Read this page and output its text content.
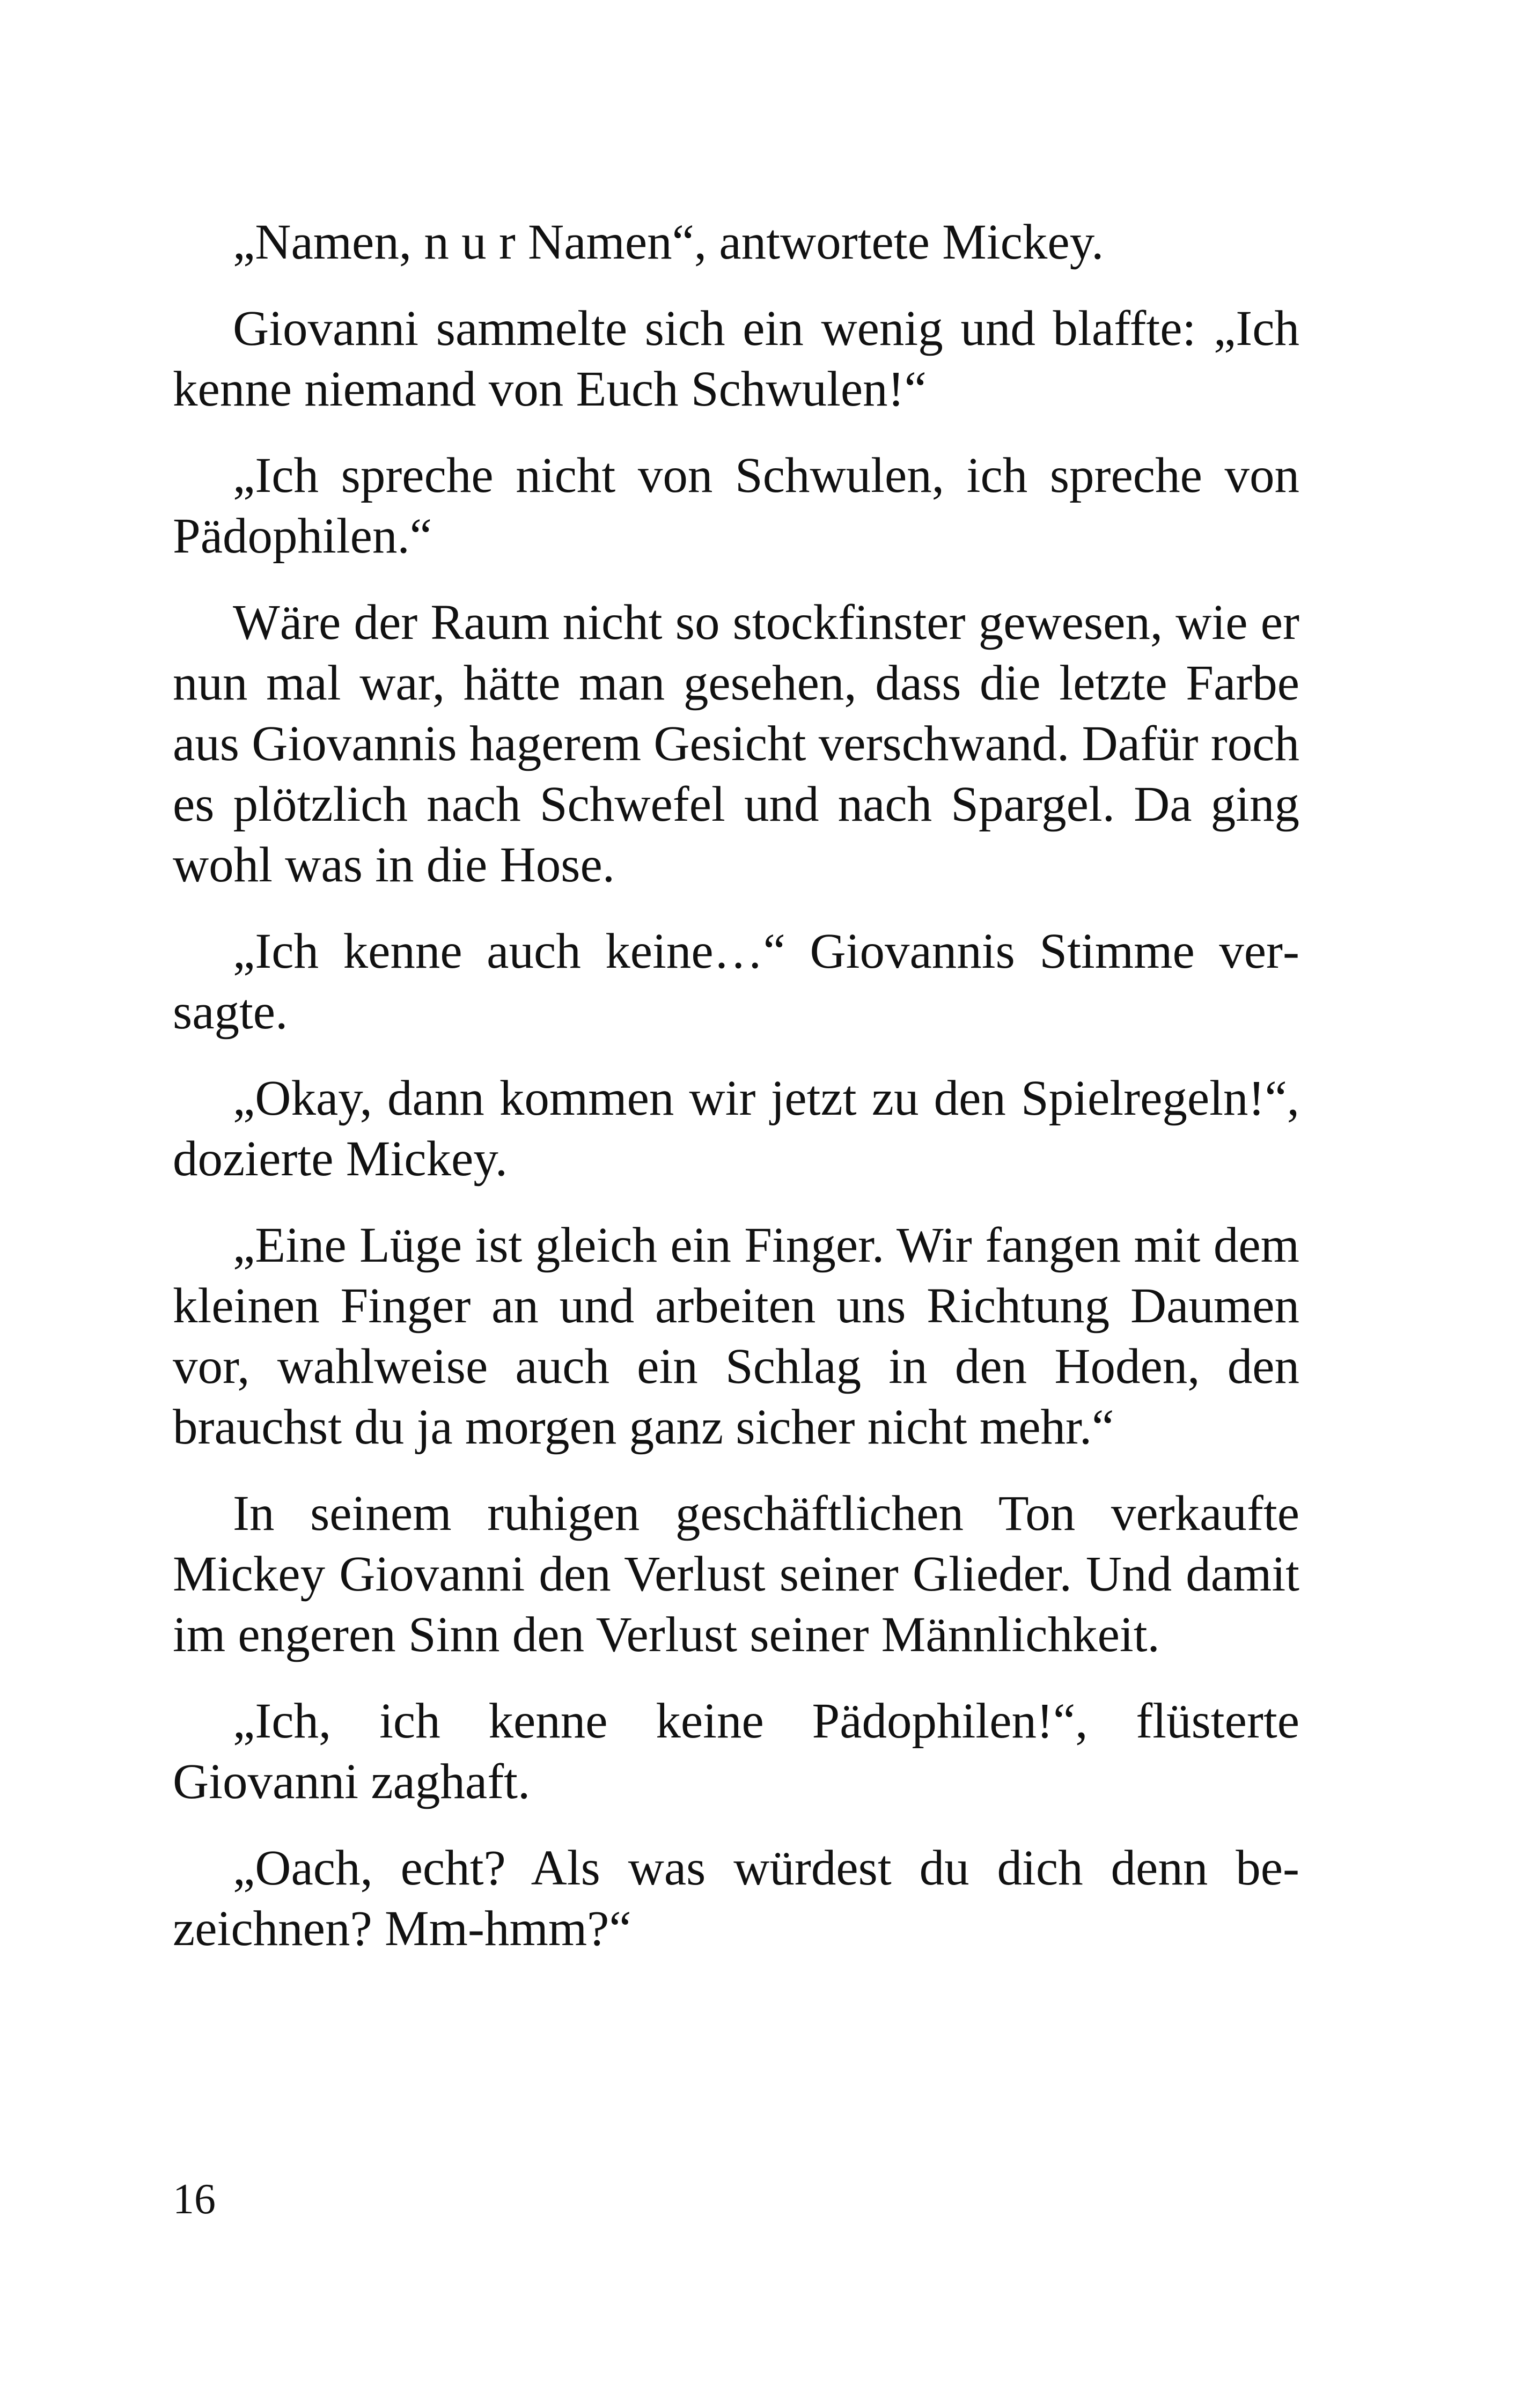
„Namen, n u r Namen“, antwortete Mickey.

Giovanni sammelte sich ein wenig und blaffte: „Ich kenne niemand von Euch Schwulen!“

„Ich spreche nicht von Schwulen, ich spreche von Pädophilen.“

Wäre der Raum nicht so stockfinster gewesen, wie er nun mal war, hätte man gesehen, dass die letzte Farbe aus Giovannis hagerem Gesicht verschwand. Dafür roch es plötzlich nach Schwefel und nach Spargel. Da ging wohl was in die Hose.

„Ich kenne auch keine…“ Giovannis Stimme versagte.

„Okay, dann kommen wir jetzt zu den Spielregeln!“, dozierte Mickey.

„Eine Lüge ist gleich ein Finger. Wir fangen mit dem kleinen Finger an und arbeiten uns Richtung Daumen vor, wahlweise auch ein Schlag in den Hoden, den brauchst du ja morgen ganz sicher nicht mehr.“

In seinem ruhigen geschäftlichen Ton verkaufte Mickey Giovanni den Verlust seiner Glieder. Und damit im engeren Sinn den Verlust seiner Männlichkeit.

„Ich, ich kenne keine Pädophilen!“, flüsterte Giovanni zaghaft.

„Oach, echt? Als was würdest du dich denn bezeichnen? Mm-hmm?“

16
